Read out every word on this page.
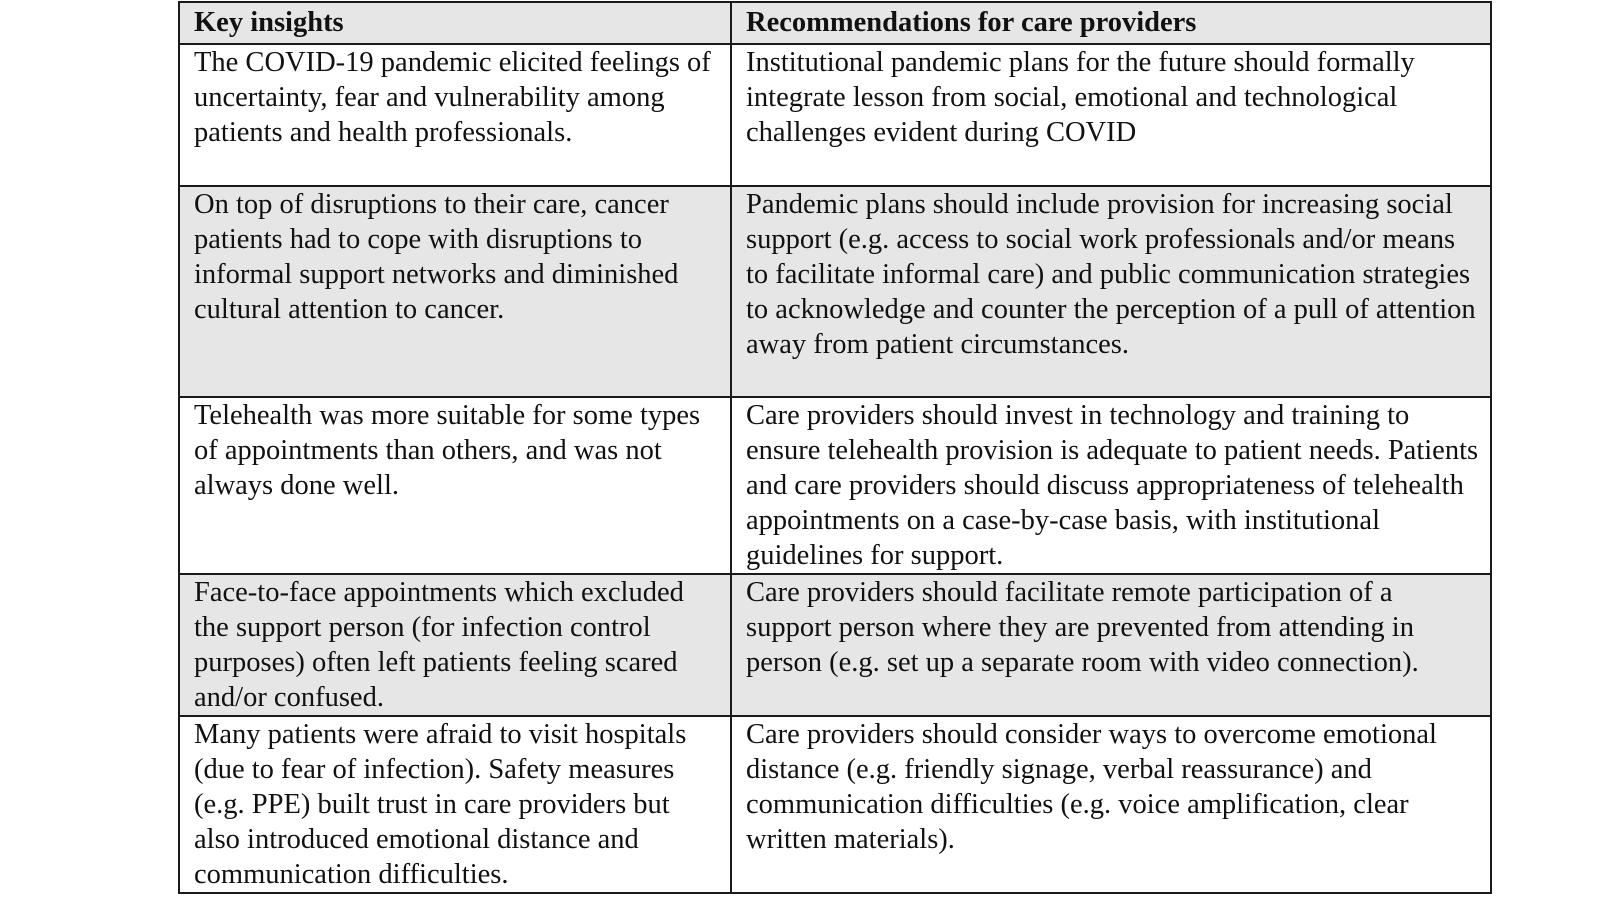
Key insights	Recommendations for care providers
The COVID-19 pandemic elicited feelings of uncertainty, fear and vulnerability among patients and health professionals.	Institutional pandemic plans for the future should formally integrate lesson from social, emotional and technological challenges evident during COVID
On top of disruptions to their care, cancer patients had to cope with disruptions to informal support networks and diminished cultural attention to cancer.	Pandemic plans should include provision for increasing social support (e.g. access to social work professionals and/or means to facilitate informal care) and public communication strategies to acknowledge and counter the perception of a pull of attention away from patient circumstances.
Telehealth was more suitable for some types of appointments than others, and was not always done well.	Care providers should invest in technology and training to ensure telehealth provision is adequate to patient needs. Patients and care providers should discuss appropriateness of telehealth appointments on a case-by-case basis, with institutional guidelines for support.
Face-to-face appointments which excluded the support person (for infection control purposes) often left patients feeling scared and/or confused.	Care providers should facilitate remote participation of a support person where they are prevented from attending in person (e.g. set up a separate room with video connection).
Many patients were afraid to visit hospitals (due to fear of infection). Safety measures (e.g. PPE) built trust in care providers but also introduced emotional distance and communication difficulties.	Care providers should consider ways to overcome emotional distance (e.g. friendly signage, verbal reassurance) and communication difficulties (e.g. voice amplification, clear written materials).
